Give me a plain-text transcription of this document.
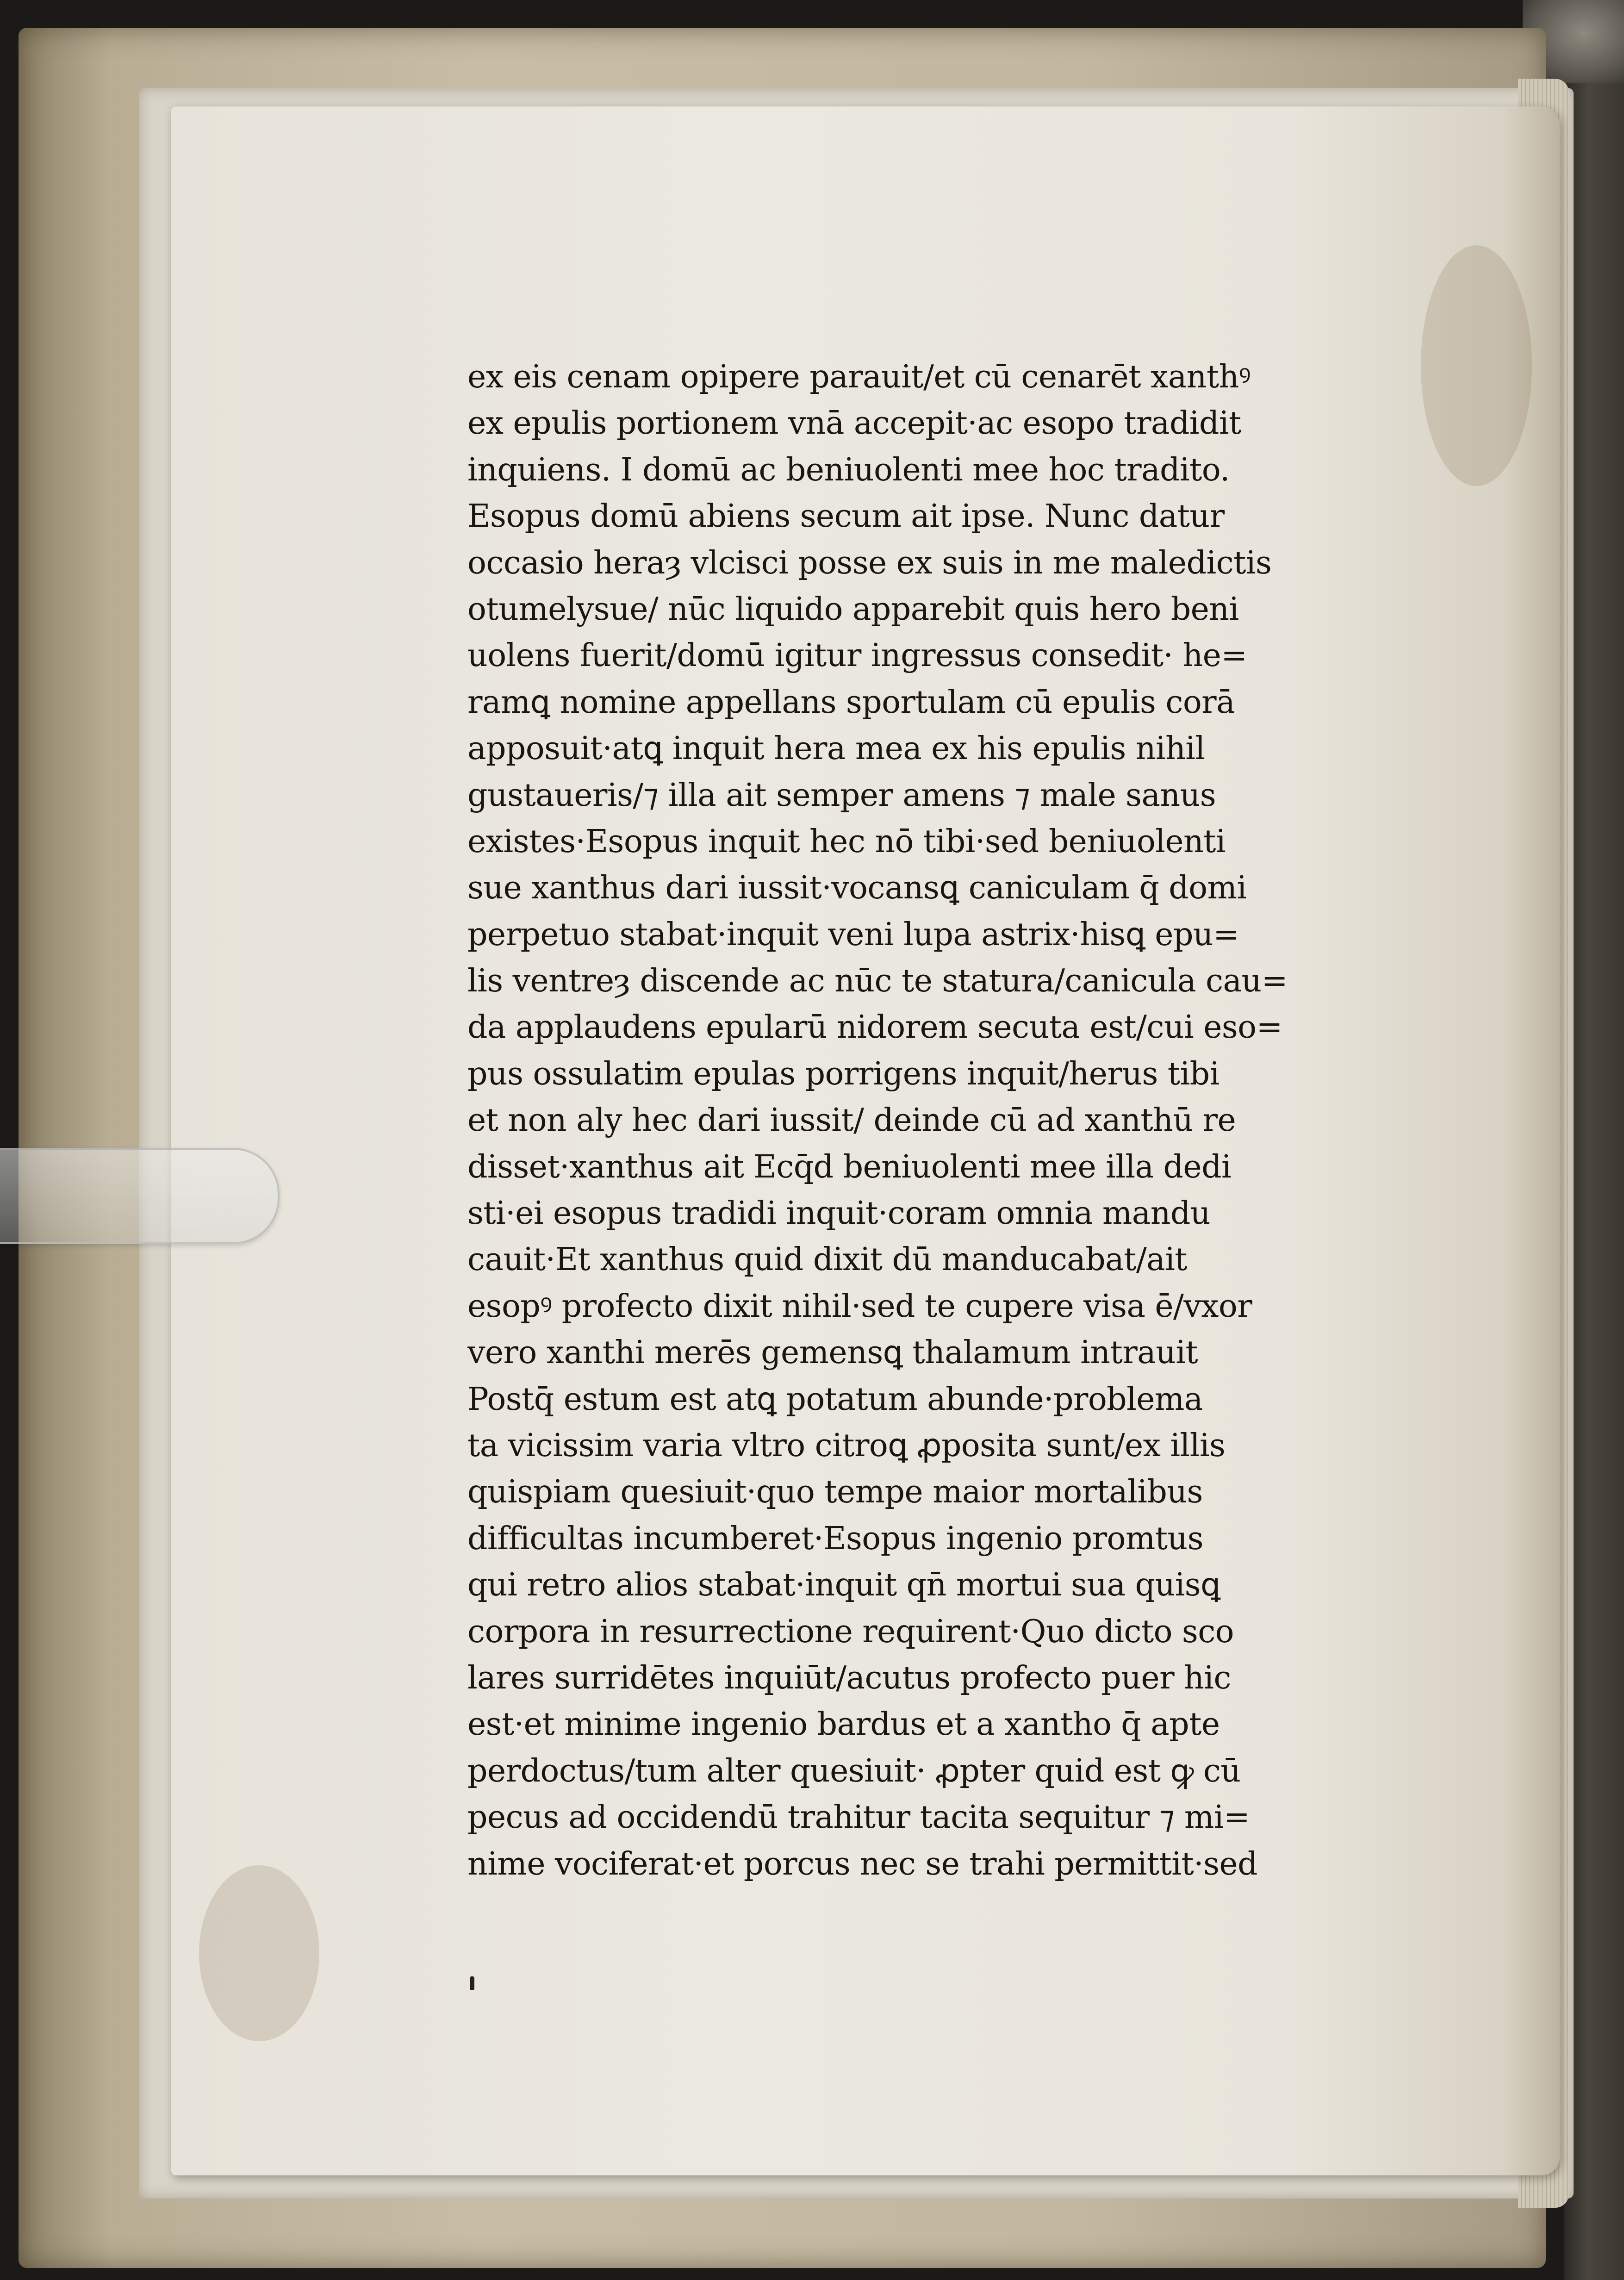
ex eis cenam opipere parauit/et cū cenarēt xanthꝰ
ex epulis portionem vnā accepit·ac esopo tradidit
inquiens. I domū ac beniuolenti mee hoc tradito.
Esopus domū abiens secum ait ipse. Nunc datur
occasio heraȝ vlcisci posse ex suis in me maledictis
otumelysue/ nūc liquido apparebit quis hero beni
uolens fuerit/domū igitur ingressus consedit· he=
ramꝗ nomine appellans sportulam cū epulis corā
apposuit·atꝗ inquit hera mea ex his epulis nihil
gustaueris/⁊ illa ait semper amens ⁊ male sanus
existes·Esopus inquit hec nō tibi·sed beniuolenti
sue xanthus dari iussit·vocansꝗ caniculam q̄ domi
perpetuo stabat·inquit veni lupa astrix·hisꝗ epu=
lis ventreȝ discende ac nūc te statura/canicula cau=
da applaudens epularū nidorem secuta est/cui eso=
pus ossulatim epulas porrigens inquit/herus tibi
et non aly hec dari iussit/ deinde cū ad xanthū re
disset·xanthus ait Ecq̄d beniuolenti mee illa dedi
sti·ei esopus tradidi inquit·coram omnia mandu
cauit·Et xanthus quid dixit dū manducabat/ait
esopꝰ profecto dixit nihil·sed te cupere visa ē/vxor
vero xanthi merēs gemensꝗ thalamum intrauit
Postq̄ estum est atꝗ potatum abunde·problema
ta vicissim varia vltro citroꝗ ꝓposita sunt/ex illis
quispiam quesiuit·quo tempe maior mortalibus
difficultas incumberet·Esopus ingenio promtus
qui retro alios stabat·inquit qn̄ mortui sua quisꝗ
corpora in resurrectione requirent·Quo dicto sco
lares surridētes inquiūt/acutus profecto puer hic
est·et minime ingenio bardus et a xantho q̄ apte
perdoctus/tum alter quesiuit· ꝓpter quid est ꝙ cū
pecus ad occidendū trahitur tacita sequitur ⁊ mi=
nime vociferat·et porcus nec se trahi permittit·sed
